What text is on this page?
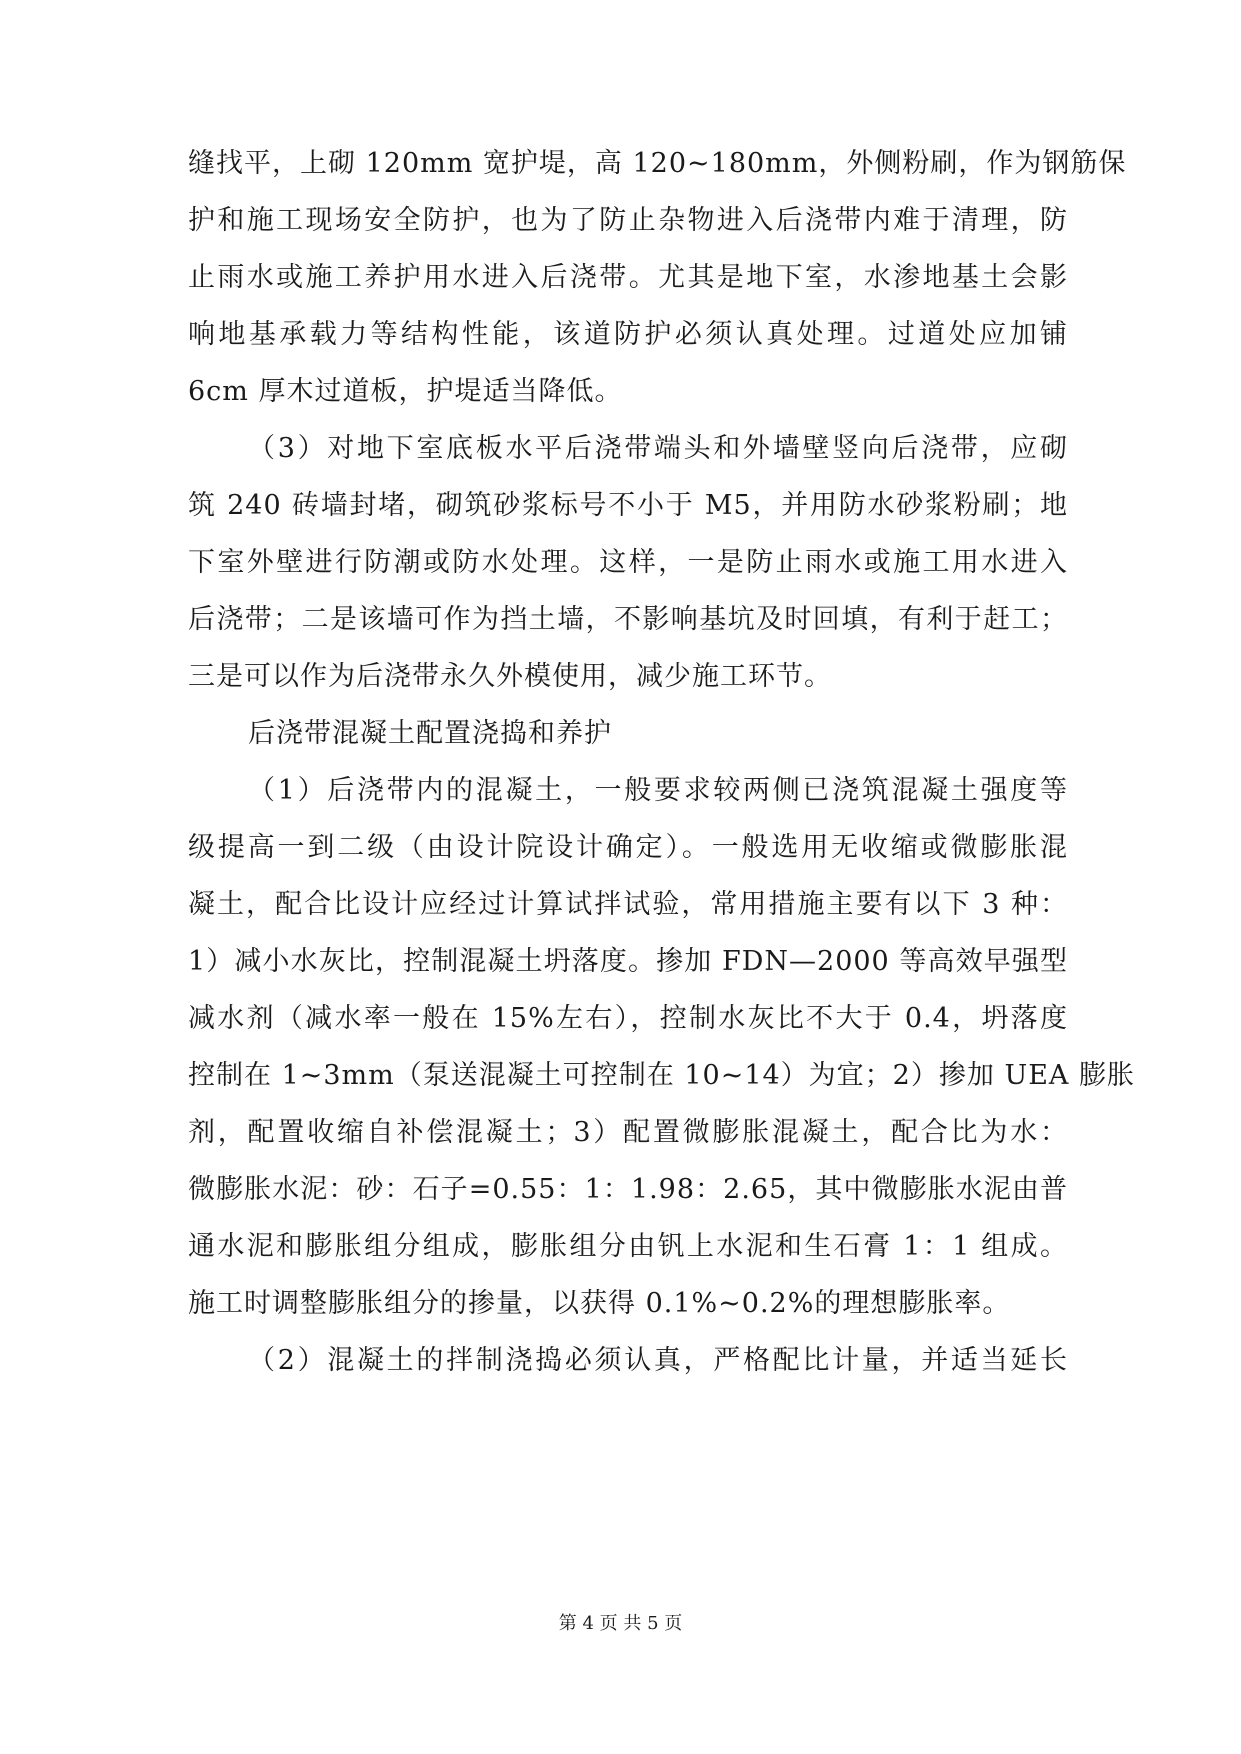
缝找平，上砌 120mm 宽护堤，高 120~180mm，外侧粉刷，作为钢筋保
护和施工现场安全防护，也为了防止杂物进入后浇带内难于清理，防
止雨水或施工养护用水进入后浇带。尤其是地下室，水渗地基土会影
响地基承载力等结构性能，该道防护必须认真处理。过道处应加铺
6cm 厚木过道板，护堤适当降低。
（3）对地下室底板水平后浇带端头和外墙壁竖向后浇带，应砌
筑 240 砖墙封堵，砌筑砂浆标号不小于 M5，并用防水砂浆粉刷；地
下室外壁进行防潮或防水处理。这样，一是防止雨水或施工用水进入
后浇带；二是该墙可作为挡土墙，不影响基坑及时回填，有利于赶工；
三是可以作为后浇带永久外模使用，减少施工环节。
后浇带混凝土配置浇捣和养护
（1）后浇带内的混凝土，一般要求较两侧已浇筑混凝土强度等
级提高一到二级（由设计院设计确定）。一般选用无收缩或微膨胀混
凝土，配合比设计应经过计算试拌试验，常用措施主要有以下 3 种：
1）减小水灰比，控制混凝土坍落度。掺加 FDN—2000 等高效早强型
减水剂（减水率一般在 15%左右），控制水灰比不大于 0.4，坍落度
控制在 1~3mm（泵送混凝土可控制在 10~14）为宜；2）掺加 UEA 膨胀
剂，配置收缩自补偿混凝土；3）配置微膨胀混凝土，配合比为水：
微膨胀水泥：砂：石子=0.55：1：1.98：2.65，其中微膨胀水泥由普
通水泥和膨胀组分组成，膨胀组分由钒上水泥和生石膏 1：1 组成。
施工时调整膨胀组分的掺量，以获得 0.1%~0.2%的理想膨胀率。
（2）混凝土的拌制浇捣必须认真，严格配比计量，并适当延长
第 4 页 共 5 页
